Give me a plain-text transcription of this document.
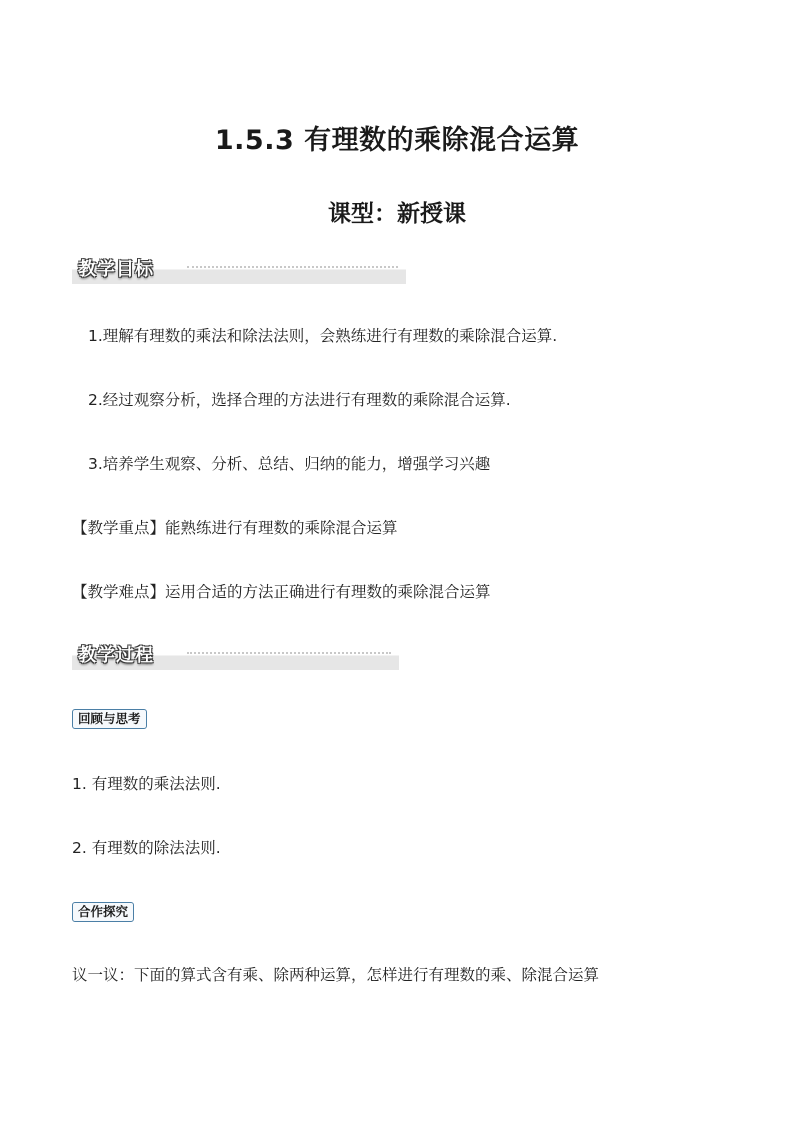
1.5.3 有理数的乘除混合运算
课型：新授课
教学目标
1.理解有理数的乘法和除法法则，会熟练进行有理数的乘除混合运算.
2.经过观察分析，选择合理的方法进行有理数的乘除混合运算.
3.培养学生观察、分析、总结、归纳的能力，增强学习兴趣
【教学重点】能熟练进行有理数的乘除混合运算
【教学难点】运用合适的方法正确进行有理数的乘除混合运算
教学过程
回顾与思考
1. 有理数的乘法法则.
2. 有理数的除法法则.
合作探究
议一议：下面的算式含有乘、除两种运算，怎样进行有理数的乘、除混合运算
